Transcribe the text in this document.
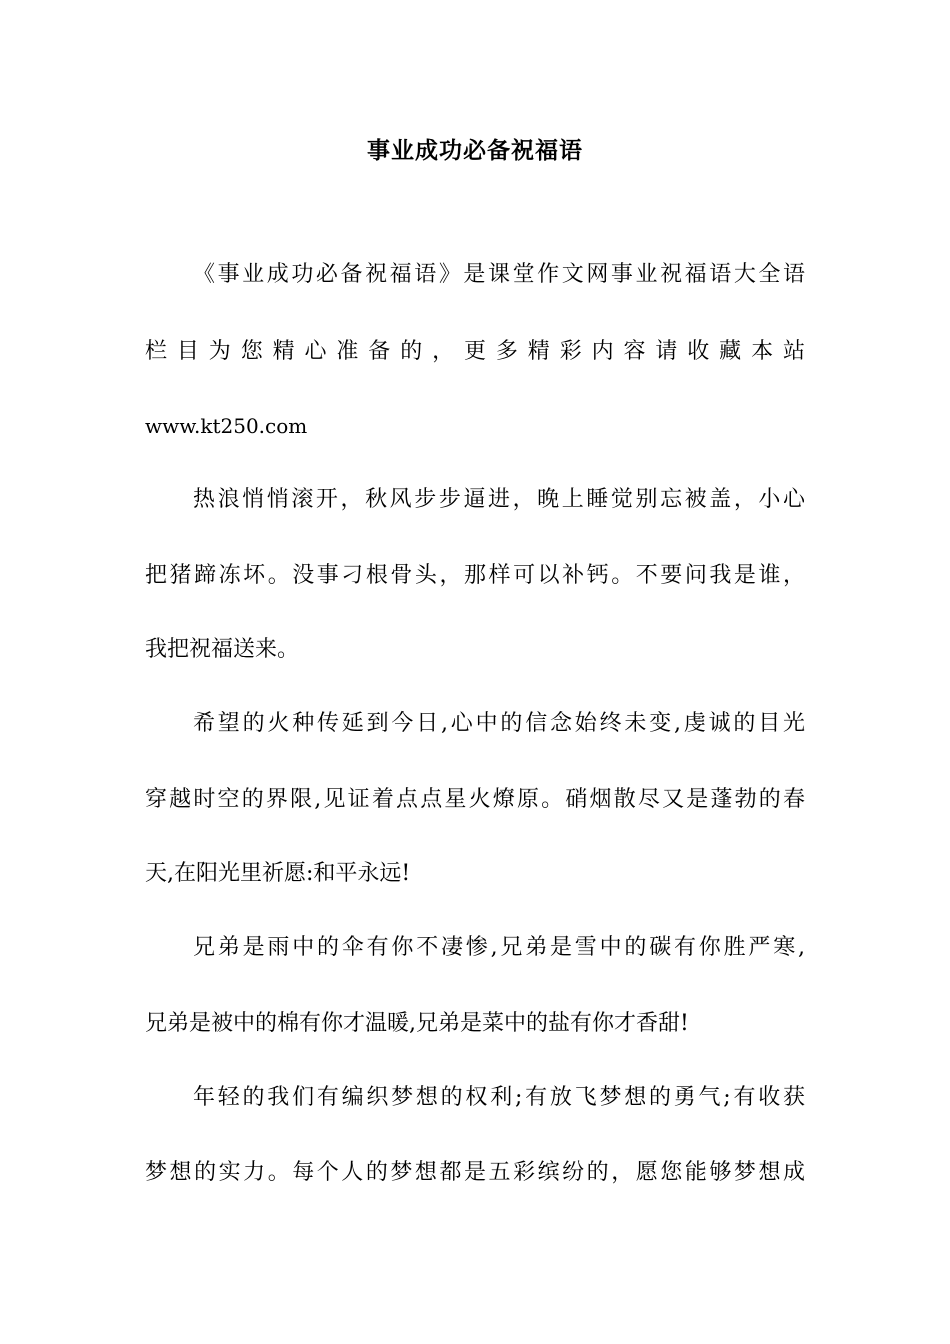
事业成功必备祝福语
《事业成功必备祝福语》是课堂作文网事业祝福语大全语
栏目为您精心准备的，更多精彩内容请收藏本站
www.kt250.com
热浪悄悄滚开，秋风步步逼进，晚上睡觉别忘被盖，小心
把猪蹄冻坏。没事刁根骨头，那样可以补钙。不要问我是谁，
我把祝福送来。
希望的火种传延到今日,心中的信念始终未变,虔诚的目光
穿越时空的界限,见证着点点星火燎原。硝烟散尽又是蓬勃的春
天,在阳光里祈愿:和平永远!
兄弟是雨中的伞有你不凄惨,兄弟是雪中的碳有你胜严寒,
兄弟是被中的棉有你才温暖,兄弟是菜中的盐有你才香甜!
年轻的我们有编织梦想的权利;有放飞梦想的勇气;有收获
梦想的实力。每个人的梦想都是五彩缤纷的，愿您能够梦想成
